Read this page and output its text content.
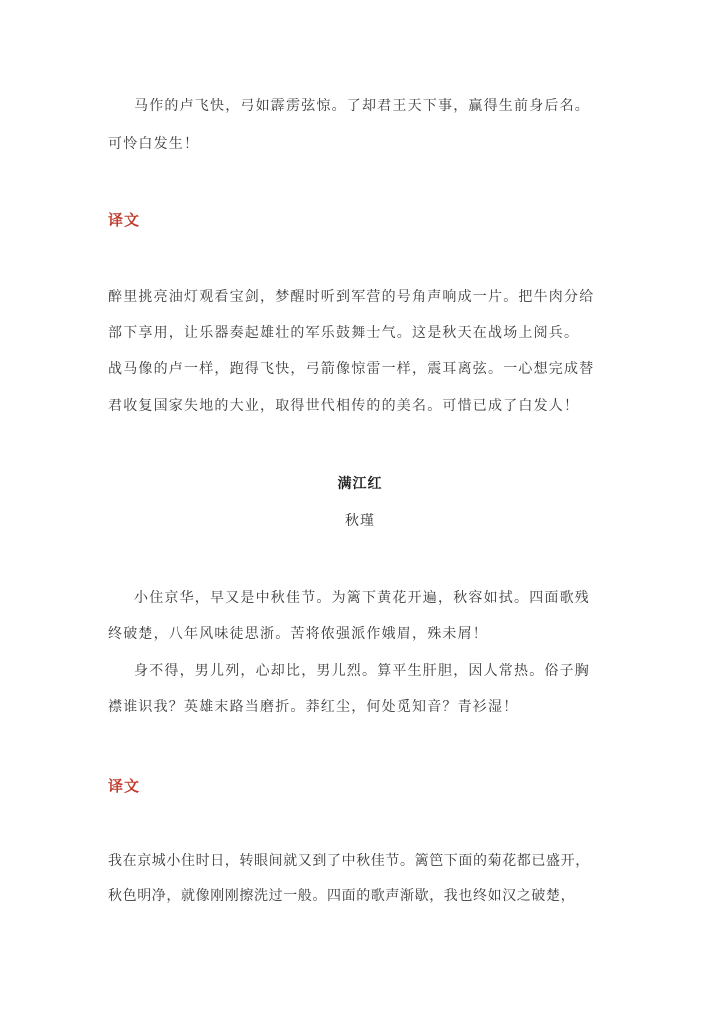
马作的卢飞快，弓如霹雳弦惊。了却君王天下事，赢得生前身后名。
可怜白发生！
译文
醉里挑亮油灯观看宝剑，梦醒时听到军营的号角声响成一片。把牛肉分给
部下享用，让乐器奏起雄壮的军乐鼓舞士气。这是秋天在战场上阅兵。
战马像的卢一样，跑得飞快，弓箭像惊雷一样，震耳离弦。一心想完成替
君收复国家失地的大业，取得世代相传的的美名。可惜已成了白发人！
满江红
秋瑾
小住京华，早又是中秋佳节。为篱下黄花开遍，秋容如拭。四面歌残
终破楚，八年风味徒思浙。苦将侬强派作娥眉，殊未屑！
身不得，男儿列，心却比，男儿烈。算平生肝胆，因人常热。俗子胸
襟谁识我？英雄末路当磨折。莽红尘，何处觅知音？青衫湿！
译文
我在京城小住时日，转眼间就又到了中秋佳节。篱笆下面的菊花都已盛开，
秋色明净，就像刚刚擦洗过一般。四面的歌声渐歇，我也终如汉之破楚，
